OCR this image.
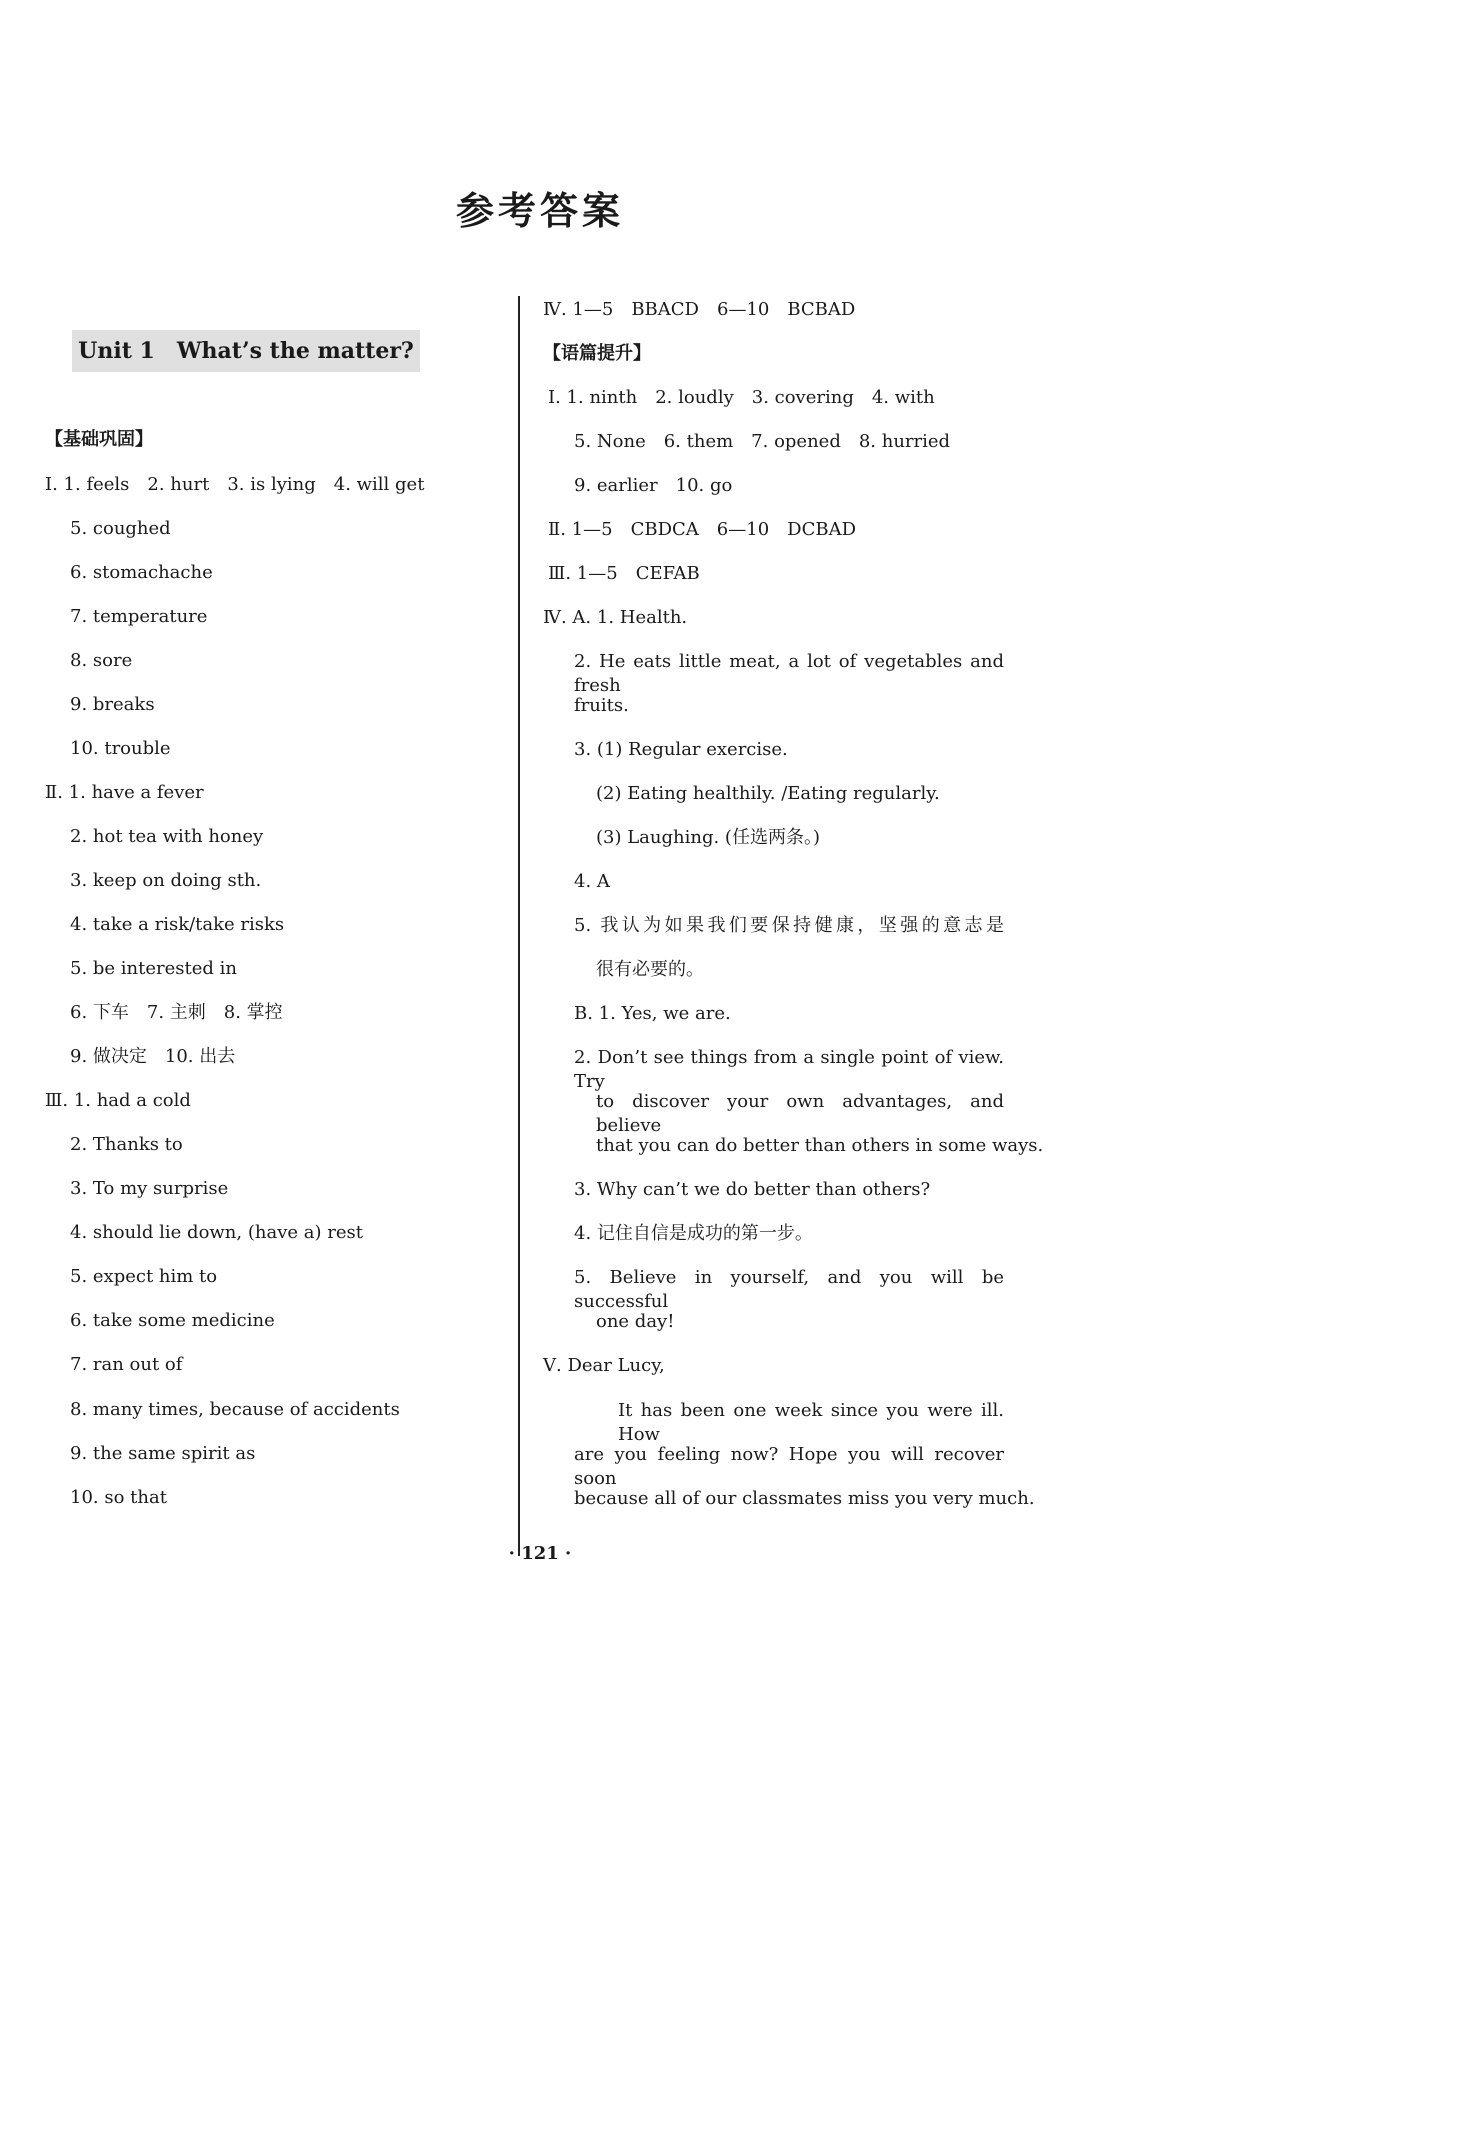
参考答案
Unit 1　What’s the matter?
【基础巩固】
Ⅰ. 1. feels　2. hurt　3. is lying　4. will get
5. coughed
6. stomachache
7. temperature
8. sore
9. breaks
10. trouble
Ⅱ. 1. have a fever
2. hot tea with honey
3. keep on doing sth.
4. take a risk/take risks
5. be interested in
6. 下车　7. 主刺　8. 掌控
9. 做决定　10. 出去
Ⅲ. 1. had a cold
2. Thanks to
3. To my surprise
4. should lie down, (have a) rest
5. expect him to
6. take some medicine
7. ran out of
8. many times, because of accidents
9. the same spirit as
10. so that
Ⅳ. 1—5　BBACD　6—10　BCBAD
【语篇提升】
Ⅰ. 1. ninth　2. loudly　3. covering　4. with
5. None　6. them　7. opened　8. hurried
9. earlier　10. go
Ⅱ. 1—5　CBDCA　6—10　DCBAD
Ⅲ. 1—5　CEFAB
Ⅳ. A. 1. Health.
2. He eats little meat, a lot of vegetables and fresh
fruits.
3. (1) Regular exercise.
(2) Eating healthily. /Eating regularly.
(3) Laughing. (任选两条。)
4. A
5. 我认为如果我们要保持健康，坚强的意志是
很有必要的。
B. 1. Yes, we are.
2. Don’t see things from a single point of view. Try
to discover your own advantages, and believe
that you can do better than others in some ways.
3. Why can’t we do better than others?
4. 记住自信是成功的第一步。
5. Believe in yourself, and you will be successful
one day!
Ⅴ. Dear Lucy,
It has been one week since you were ill. How
are you feeling now? Hope you will recover soon
because all of our classmates miss you very much.
· 121 ·
